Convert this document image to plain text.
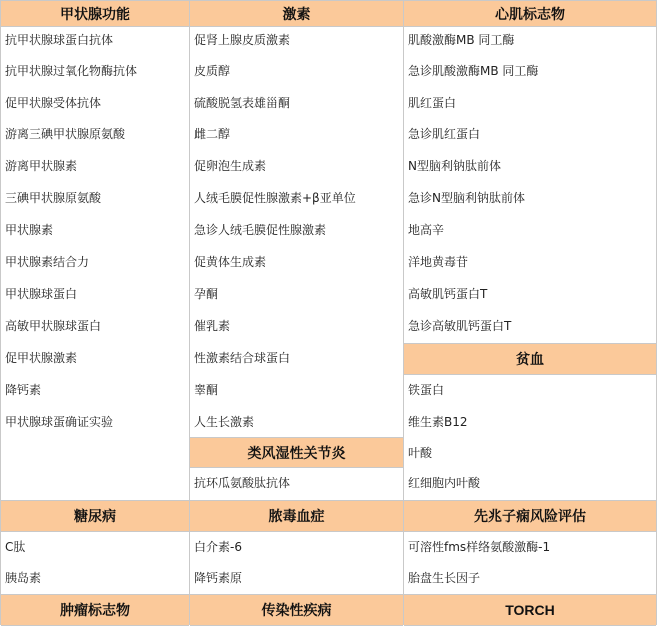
甲状腺功能
抗甲状腺球蛋白抗体
抗甲状腺过氧化物酶抗体
促甲状腺受体抗体
游离三碘甲状腺原氨酸
游离甲状腺素
三碘甲状腺原氨酸
甲状腺素
甲状腺素结合力
甲状腺球蛋白
高敏甲状腺球蛋白
促甲状腺激素
降钙素
甲状腺球蛋确证实验
糖尿病
C肽
胰岛素
肿瘤标志物
激素
促肾上腺皮质激素
皮质醇
硫酸脱氢表雄甾酮
雌二醇
促卵泡生成素
人绒毛膜促性腺激素+β亚单位
急诊人绒毛膜促性腺激素
促黄体生成素
孕酮
催乳素
性激素结合球蛋白
睾酮
人生长激素
类风湿性关节炎
抗环瓜氨酸肽抗体
脓毒血症
白介素-6
降钙素原
传染性疾病
心肌标志物
肌酸激酶MB 同工酶
急诊肌酸激酶MB 同工酶
肌红蛋白
急诊肌红蛋白
N型脑利钠肽前体
急诊N型脑利钠肽前体
地高辛
洋地黄毒苷
高敏肌钙蛋白T
急诊高敏肌钙蛋白T
贫血
铁蛋白
维生素B12
叶酸
红细胞内叶酸
先兆子痫风险评估
可溶性fms样络氨酸激酶-1
胎盘生长因子
TORCH
